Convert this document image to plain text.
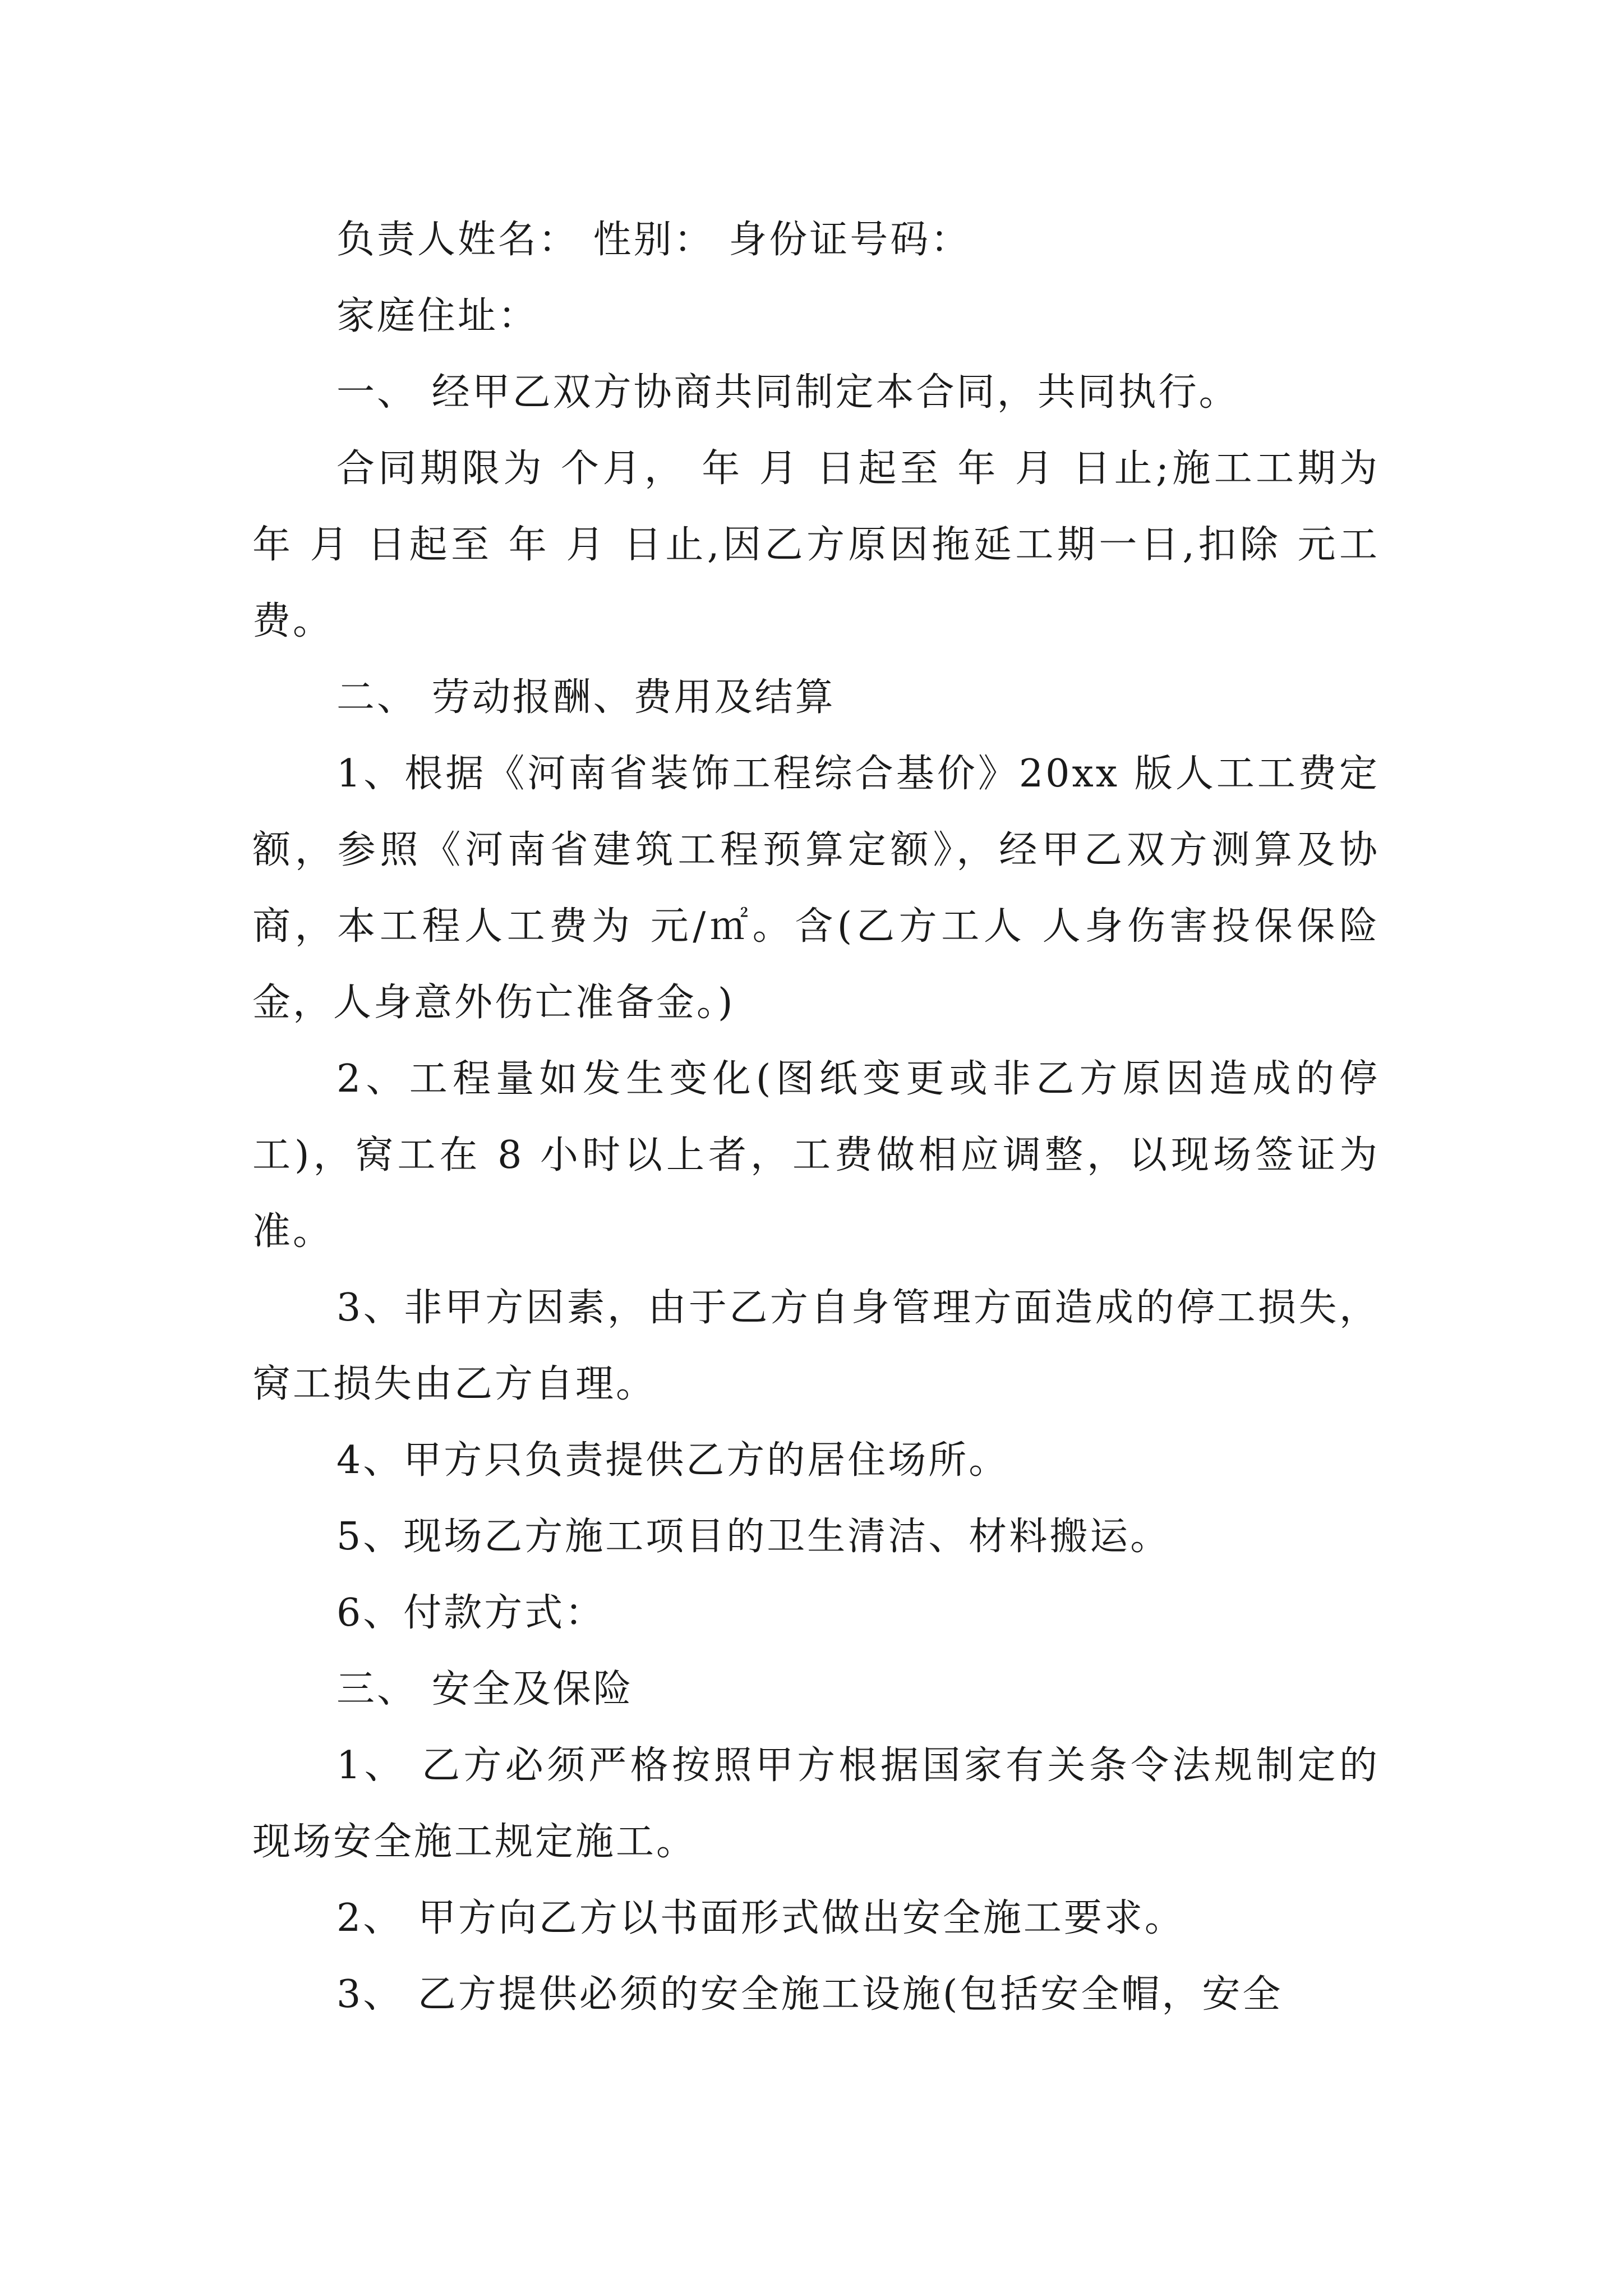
负责人姓名： 性别： 身份证号码：

家庭住址：

一、 经甲乙双方协商共同制定本合同，共同执行。

合同期限为 个月， 年 月 日起至 年 月 日止;施工工期为 年 月 日起至 年 月 日止,因乙方原因拖延工期一日,扣除 元工费。

二、 劳动报酬、费用及结算

1、根据《河南省装饰工程综合基价》20xx 版人工工费定额，参照《河南省建筑工程预算定额》，经甲乙双方测算及协商，本工程人工费为 元/㎡。含(乙方工人 人身伤害投保保险金，人身意外伤亡准备金。)

2、工程量如发生变化(图纸变更或非乙方原因造成的停工)，窝工在 8 小时以上者，工费做相应调整，以现场签证为准。

3、非甲方因素，由于乙方自身管理方面造成的停工损失，窝工损失由乙方自理。

4、甲方只负责提供乙方的居住场所。

5、现场乙方施工项目的卫生清洁、材料搬运。

6、付款方式：

三、 安全及保险

1、 乙方必须严格按照甲方根据国家有关条令法规制定的现场安全施工规定施工。

2、 甲方向乙方以书面形式做出安全施工要求。

3、 乙方提供必须的安全施工设施(包括安全帽，安全
